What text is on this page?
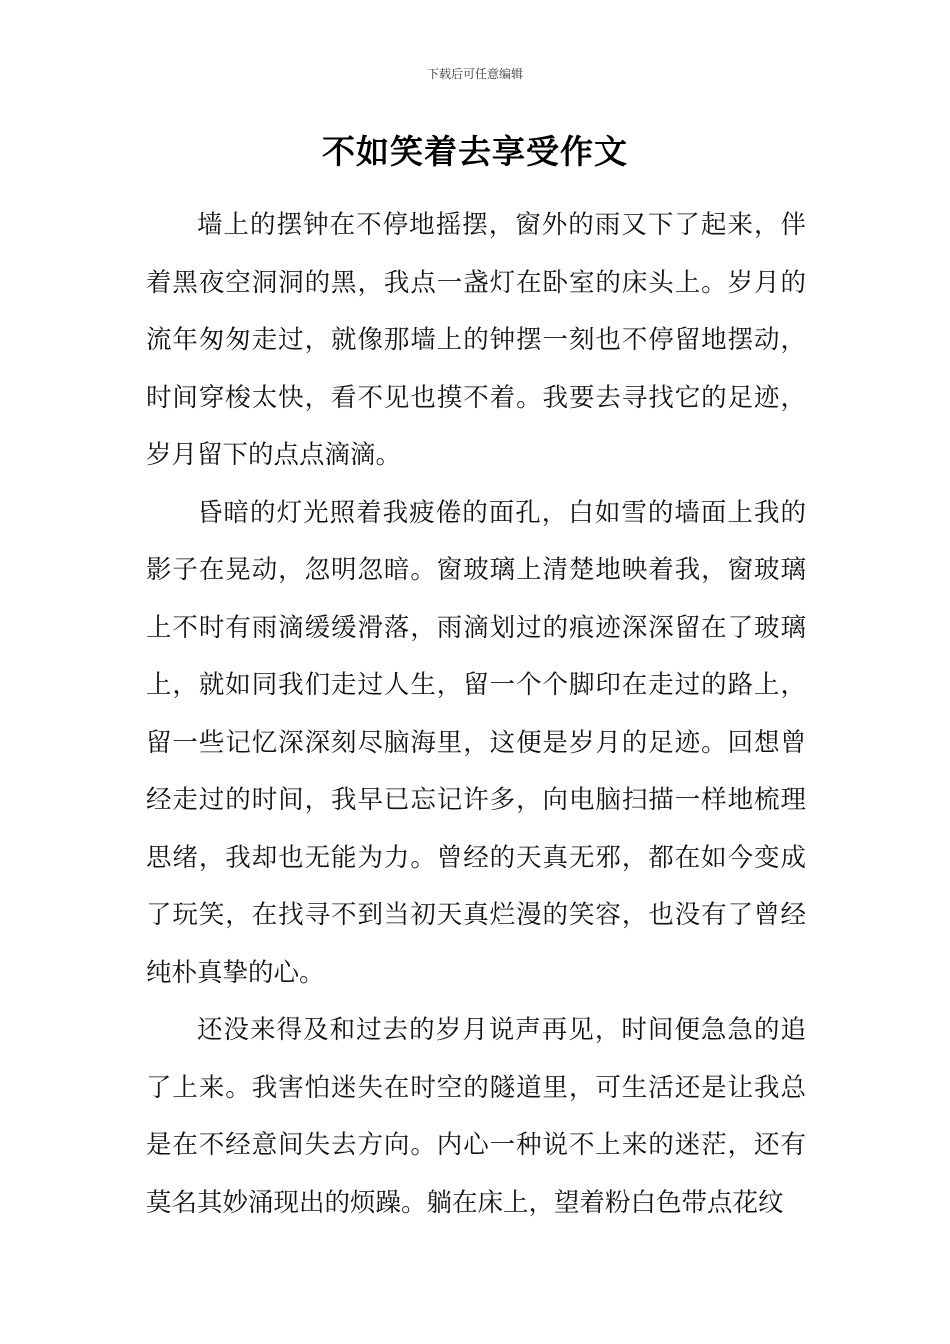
下载后可任意编辑
不如笑着去享受作文

墙上的摆钟在不停地摇摆，窗外的雨又下了起来，伴着黑夜空洞洞的黑，我点一盏灯在卧室的床头上。岁月的流年匆匆走过，就像那墙上的钟摆一刻也不停留地摆动，时间穿梭太快，看不见也摸不着。我要去寻找它的足迹，岁月留下的点点滴滴。

昏暗的灯光照着我疲倦的面孔，白如雪的墙面上我的影子在晃动，忽明忽暗。窗玻璃上清楚地映着我，窗玻璃上不时有雨滴缓缓滑落，雨滴划过的痕迹深深留在了玻璃上，就如同我们走过人生，留一个个脚印在走过的路上，留一些记忆深深刻尽脑海里，这便是岁月的足迹。回想曾经走过的时间，我早已忘记许多，向电脑扫描一样地梳理思绪，我却也无能为力。曾经的天真无邪，都在如今变成了玩笑，在找寻不到当初天真烂漫的笑容，也没有了曾经纯朴真挚的心。

还没来得及和过去的岁月说声再见，时间便急急的追了上来。我害怕迷失在时空的隧道里，可生活还是让我总是在不经意间失去方向。内心一种说不上来的迷茫，还有莫名其妙涌现出的烦躁。躺在床上，望着粉白色带点花纹
